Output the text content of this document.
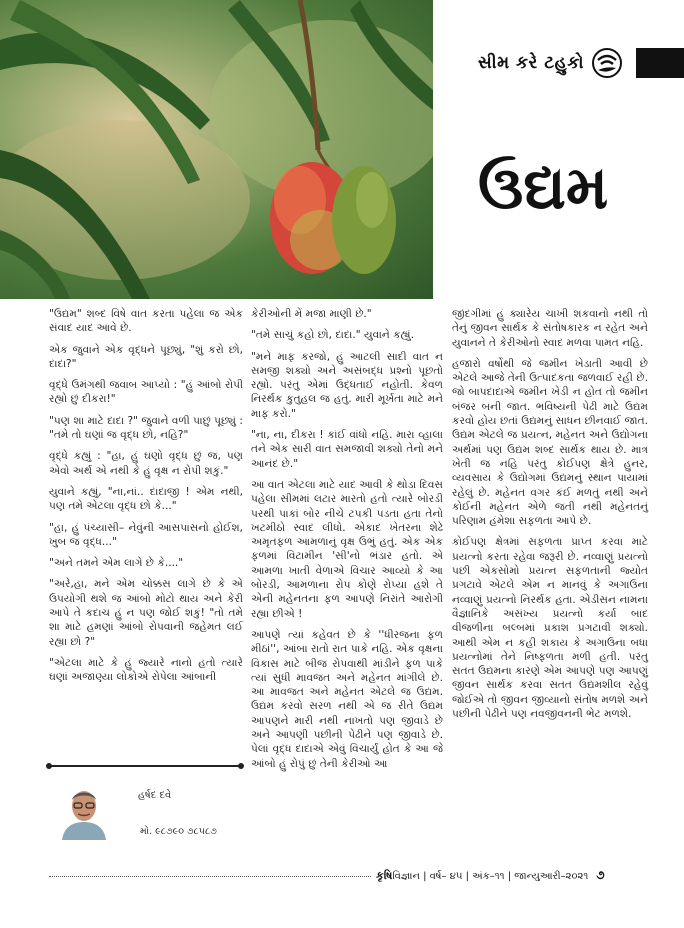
સીમ કરે ટહુકો
ઉદ્યમ

"ઉદ્યમ" શબ્દ વિષે વાત કરતા પહેલા જ એક સંવાદ યાદ આવે છે.

એક જુવાને એક વૃદ્ધને પૂછ્યું, "શું કરો છો, દાદા?"

વૃદ્ધે ઉમંગથી જવાબ આપ્યો : "હું આંબો રોપી રહ્યો છું દીકરા!"

"પણ શા માટે દાદા ?" જુવાને વળી પાછું પૂછ્યું : "તમે તો ઘણાં જ વૃદ્ધ છો, નહિ?"

વૃદ્ધે કહ્યું : "હા, હું ઘણો વૃદ્ધ છું જ, પણ એવો અર્થ એ નથી કે હું વૃક્ષ ન રોપી શકું."

યુવાને કહ્યું, "ના,નાં.. દાદાજી ! એમ નથી, પણ તમે એટલા વૃદ્ધ છો કે..."

"હા, હું પંચ્યાસી– નેવુંની આસપાસનો હોઈશ, ખુબ જ વૃદ્ધ..."

"અને તમને એમ લાગે છે કે...."

"અરે,હા, મને એમ ચોક્કસ લાગે છે કે એ ઉપયોગી થશે જ આંબો મોટો થાય અને કેરી આપે તે કદાચ હું ન પણ જોઈ શકું! "તો તમે શા માટે હમણાં આંબો રોપવાની જહેમત લઈ રહ્યા છો ?"

"એટલા માટે કે હું જ્યારે નાનો હતો ત્યારે ઘણાં અજાણ્યા લોકોએ રોપેલા આંબાની

કેરીઓની મેં મજા માણી છે."

"તમે સાચું કહો છો, દાદા." યુવાને કહ્યું.

"મને માફ કરજો, હું આટલી સાદી વાત ન સમજી શક્યો અને અસંબદ્ધ પ્રશ્નો પૂછતો રહ્યો. પરંતુ એમાં ઉદ્ધતાઈ નહોતી. કેવળ નિરર્થક કુતુહલ જ હતું. મારી મૂર્ખતા માટે મને માફ કરો."

"ના, ના, દીકરા ! કાંઈ વાંધો નહિ. મારા વ્હાલા તને એક સારી વાત સમજાવી શક્યો તેનો મને આનંદ છે."

આ વાત એટલા માટે યાદ આવી કે થોડા દિવસ પહેલા સીમમાં લટાર મારતો હતો ત્યારે બોરડી પરથી પાકાં બોર નીચે ટપકી પડતા હતા તેનો ખટમીઠો સ્વાદ લીધો. એકાદ ખેતરના શેઢે અમૃતફળ આમળાનું વૃક્ષ ઉભું હતું. એક એક ફળમાં વિટામીન 'સી'નો ભંડાર હતો. એ આમળા ખાતી વેળાએ વિચાર આવ્યો કે આ બોરડી, આમળાના રોપ કોણે રોપ્યા હશે તે એની મહેનતના ફળ આપણે નિરાંતે આરોગી રહ્યા છીએ !

આપણે ત્યાં કહેવત છે કે ''ધીરજના ફળ મીઠાં'', આંબા રાતો રાત પાકે નહિ. એક વૃક્ષના વિકાસ માટે બીજ રોપવાથી માંડીને ફળ પાકે ત્યાં સુધી માવજત અને મહેનત માંગીલે છે. આ માવજત અને મહેનત એટલે જ ઉદ્યમ. ઉદ્યમ કરવો સરળ નથી એ જ રીતે ઉદ્યમ આપણને મારી નથી નાખતો પણ જીવાડે છે અને આપણી પછીની પેઢીને પણ જીવાડે છે. પેલાં વૃદ્ધ દાદાએ એવું વિચાર્યું હોત કે આ જે આંબો હું રોપું છું તેની કેરીઓ આ

જીંદગીમાં હું ક્યારેય ચાખી શકવાનો નથી તો તેનું જીવન સાર્થક કે સંતોષકારક ન રહેત અને યુવાનને તે કેરીઓનો સ્વાદ મળવા પામત નહિ.

હજારો વર્ષોથી જે જમીન ખેડાતી આવી છે એટલે આજે તેની ઉત્પાદકતા જળવાઈ રહી છે. જો બાપદાદાએ જમીન ખેડી ન હોત તો જમીન બંજર બની જાત. ભવિષ્યની પેઢી માટે ઉદ્યમ કરવો હોય છતાં ઉદ્યમનું સાધન છીનવાઈ જાત. ઉદ્યમ એટલે જ પ્રયત્ન, મહેનત અને ઉદ્યોગના અર્થમાં પણ ઉદ્યમ શબ્દ સાર્થક થાય છે. માત્ર ખેતી જ નહિ પરંતુ કોઈપણ ક્ષેત્રે હુનર, વ્યવસાય કે ઉદ્યોગમાં ઉદ્યમનું સ્થાન પાયામાં રહેલું છે. મહેનત વગર કંઈ મળતું નથી અને કોઈની મહેનત એળે જતી નથી મહેનતનું પરિણામ હંમેશા સફળતા આપે છે.

કોઈપણ ક્ષેત્રમાં સફળતા પ્રાપ્ત કરવા માટે પ્રયત્નો કરતા રહેવા જરૂરી છે. નવ્વાણું પ્રયત્નો પછી એકસોમો પ્રયત્ન સફળતાની જ્યોત પ્રગટાવે એટલે એમ ન માનવું કે અગાઉના નવ્વાણું પ્રયત્નો નિરર્થક હતા. એડીસન નામના વૈજ્ઞાનિકે અસંખ્ય પ્રયત્નો કર્યા બાદ વીજળીના બલ્બમાં પ્રકાશ પ્રગટાવી શક્યો. આથી એમ ન કહી શકાય કે અગાઉના બધા પ્રયત્નોમાં તેને નિષ્ફળતા મળી હતી. પરંતુ સતત ઉદ્યમના કારણે એમ આપણે પણ આપણું જીવન સાર્થક કરવા સતત ઉદ્યમશીલ રહેવું જોઈએ તો જીવન જીવ્યાનો સંતોષ મળશે અને પછીની પેઢીને પણ નવજીવનની ભેટ મળશે.

હર્ષદ દવે
મો. ૯૮૭૯૦ ૭૮૫૮૭
કૃષિવિજ્ઞાન | વર્ષ– ૪૫ | અંક–૧૧ | જાન્યુઆરી–૨૦૨૧ ૭
